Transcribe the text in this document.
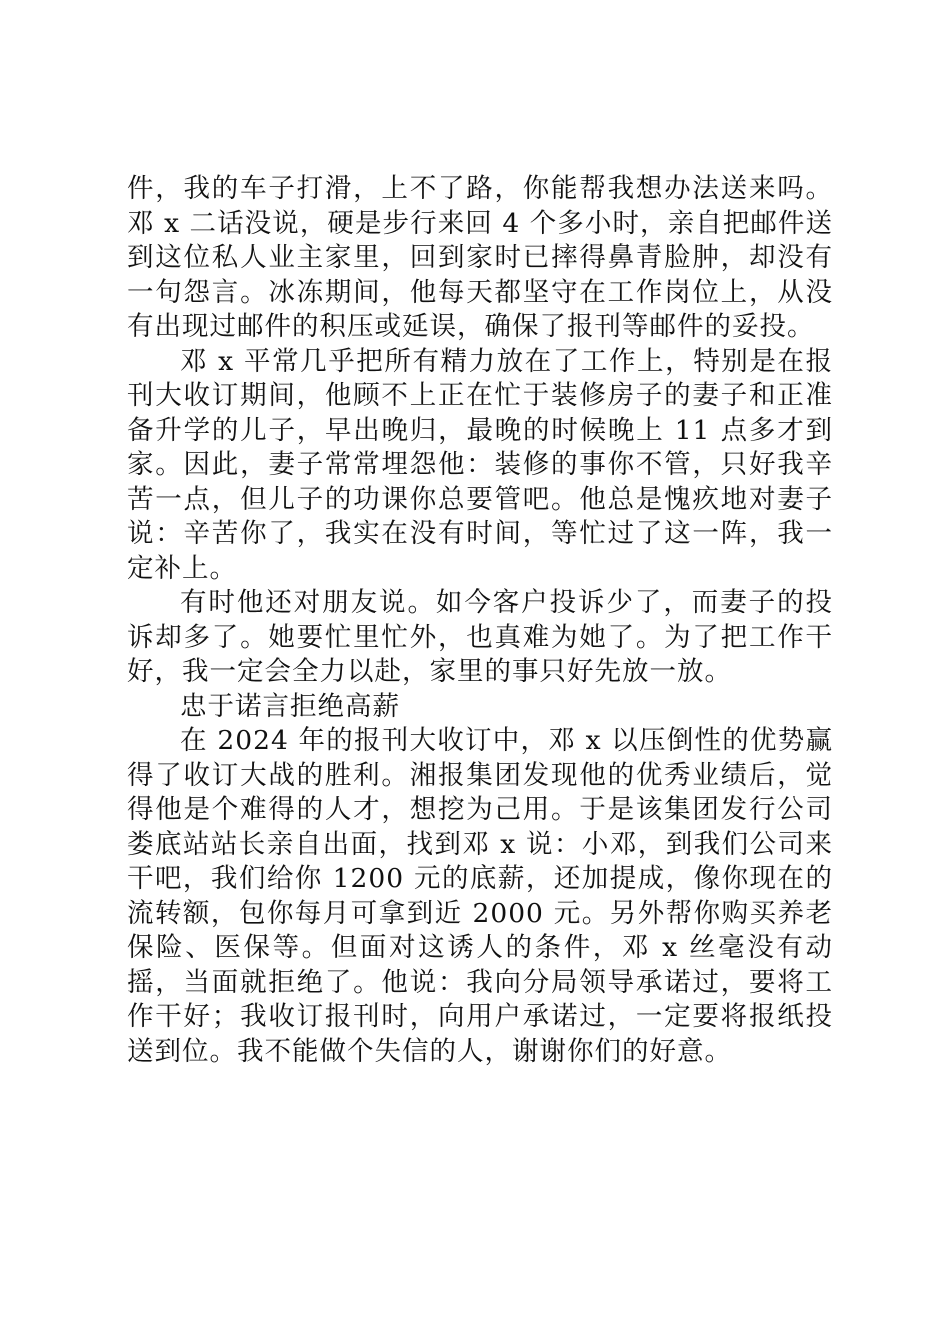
件，我的车子打滑，上不了路，你能帮我想办法送来吗。邓 x 二话没说，硬是步行来回 4 个多小时，亲自把邮件送到这位私人业主家里，回到家时已摔得鼻青脸肿，却没有一句怨言。冰冻期间，他每天都坚守在工作岗位上，从没有出现过邮件的积压或延误，确保了报刊等邮件的妥投。

邓 x 平常几乎把所有精力放在了工作上，特别是在报刊大收订期间，他顾不上正在忙于装修房子的妻子和正准备升学的儿子，早出晚归，最晚的时候晚上 11 点多才到家。因此，妻子常常埋怨他：装修的事你不管，只好我辛苦一点，但儿子的功课你总要管吧。他总是愧疚地对妻子说：辛苦你了，我实在没有时间，等忙过了这一阵，我一定补上。

有时他还对朋友说。如今客户投诉少了，而妻子的投诉却多了。她要忙里忙外，也真难为她了。为了把工作干好，我一定会全力以赴，家里的事只好先放一放。

忠于诺言拒绝高薪

在 2024 年的报刊大收订中，邓 x 以压倒性的优势赢得了收订大战的胜利。湘报集团发现他的优秀业绩后，觉得他是个难得的人才，想挖为己用。于是该集团发行公司娄底站站长亲自出面，找到邓 x 说：小邓，到我们公司来干吧，我们给你 1200 元的底薪，还加提成，像你现在的流转额，包你每月可拿到近 2000 元。另外帮你购买养老保险、医保等。但面对这诱人的条件，邓 x 丝毫没有动摇，当面就拒绝了。他说：我向分局领导承诺过，要将工作干好；我收订报刊时，向用户承诺过，一定要将报纸投送到位。我不能做个失信的人，谢谢你们的好意。
